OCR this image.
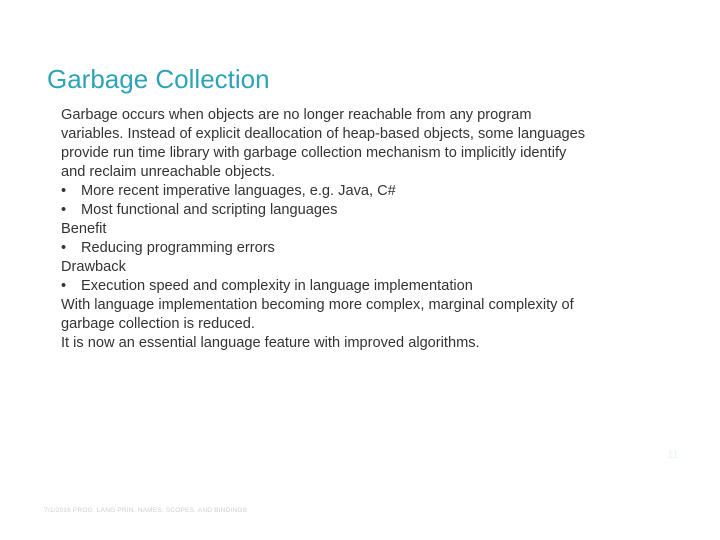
Garbage Collection

Garbage occurs when objects are no longer reachable from any program

variables. Instead of explicit deallocation of heap-based objects, some languages

provide run time library with garbage collection mechanism to implicitly identify

and reclaim unreachable objects.

•	More recent imperative languages, e.g. Java, C#
•	Most functional and scripting languages

Benefit

•	Reducing programming errors

Drawback

•	Execution speed and complexity in language implementation

With language implementation becoming more complex, marginal complexity of

garbage collection is reduced.

It is now an essential language feature with improved algorithms.

11
7/1/2016 PROG. LANG PRIN. NAMES, SCOPES, AND BINDINGS
